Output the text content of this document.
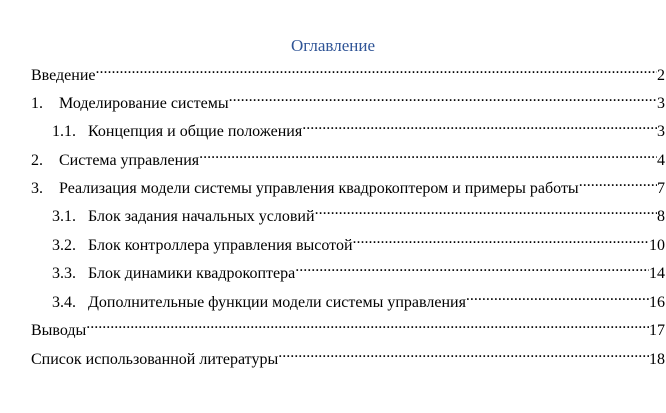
Оглавление
Введение .....	2
1.	Моделирование системы .....	3
1.1. Концепция и общие положения .....	3
2.	Система управления .....	4
3.	Реализация модели системы управления квадрокоптером и примеры работы .....	7
3.1. Блок задания начальных условий .....	8
3.2. Блок контроллера управления высотой .....	10
3.3. Блок динамики квадрокоптера .....	14
3.4. Дополнительные функции модели системы управления .....	16
Выводы .....	17
Список использованной литературы .....	18
